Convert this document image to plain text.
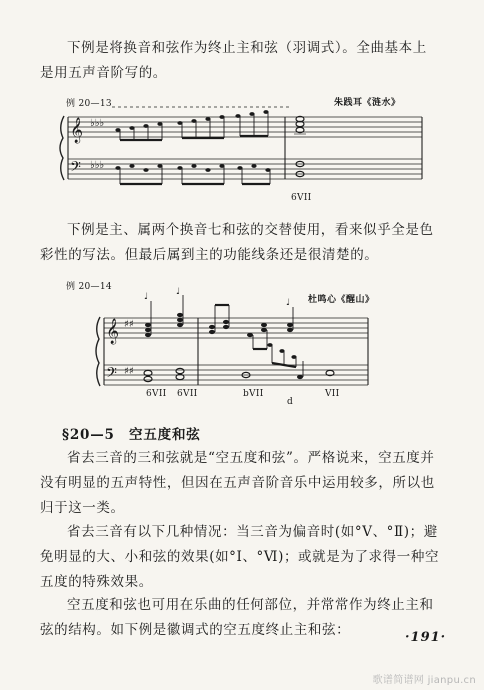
下例是将换音和弦作为终止主和弦（羽调式）。全曲基本上是用五声音阶写的。
例 20—13	朱践耳《涟水》
𝄞
𝄢
♭♭♭
♭♭♭
6VII
下例是主、属两个换音七和弦的交替使用，看来似乎全是色彩性的写法。但最后属到主的功能线条还是很清楚的。
例 20—14
杜鸣心《醒山》
𝄞
𝄢
♯♯
♯♯
♩	♩
♩
6VII 6VII	bVII	VII
d
§20—5　空五度和弦
省去三音的三和弦就是“空五度和弦”。严格说来，空五度并没有明显的五声特性，但因在五声音阶音乐中运用较多，所以也归于这一类。
省去三音有以下几种情况：当三音为偏音时(如°Ⅴ、°Ⅱ)；避免明显的大、小和弦的效果(如°Ⅰ、°Ⅵ)；或就是为了求得一种空五度的特殊效果。
空五度和弦也可用在乐曲的任何部位，并常常作为终止主和弦的结构。如下例是徽调式的空五度终止主和弦：	·191·
歌谱简谱网 jianpu.cn
